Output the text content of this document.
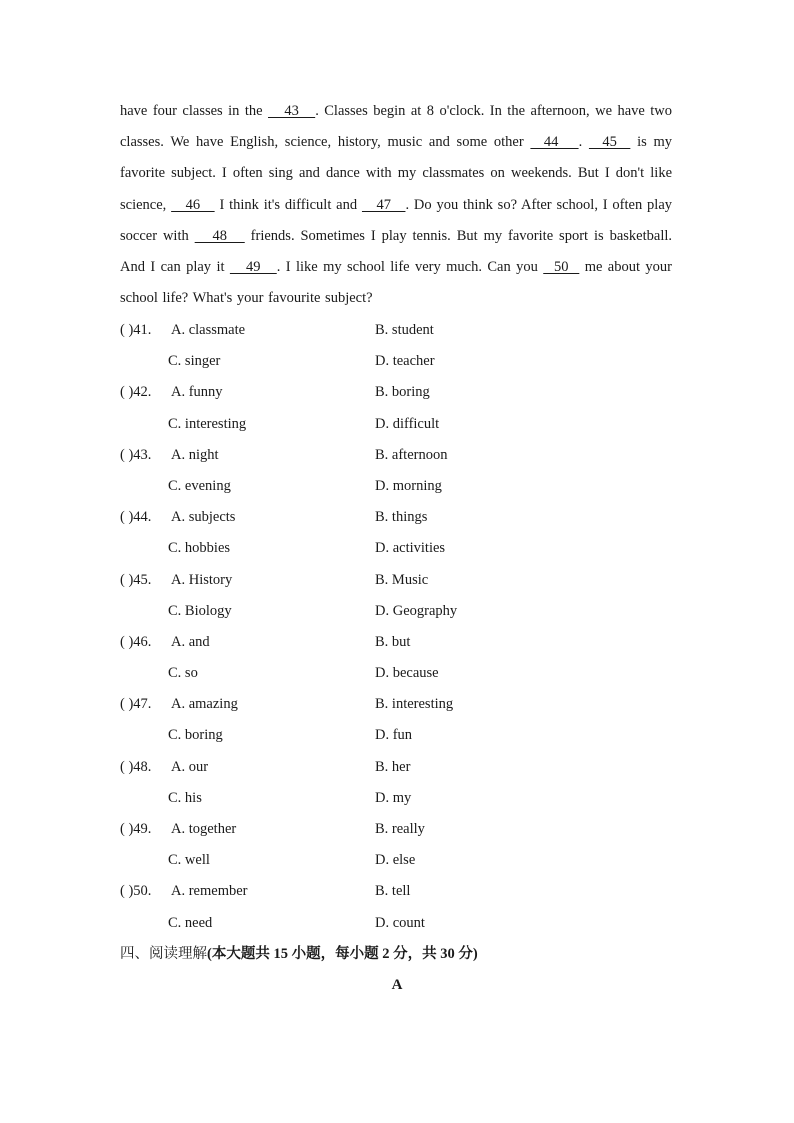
have four classes in the    43   . Classes begin at 8 o'clock. In the afternoon, we have two classes. We have English, science, history, music and some other   44   .   45   is my favorite subject. I often sing and dance with my classmates on weekends. But I don't like science,    46    I think it's difficult and    47   . Do you think so? After school, I often play soccer with    48    friends. Sometimes I play tennis. But my favorite sport is basketball. And I can play it    49   . I like my school life very much. Can you   50   me about your school life? What's your favourite subject?

( )41. A. classmate	B. student
C. singer	D. teacher
( )42. A. funny	B. boring
C. interesting	D. difficult
( )43. A. night	B. afternoon
C. evening	D. morning
( )44. A. subjects	B. things
C. hobbies	D. activities
( )45. A. History	B. Music
C. Biology	D. Geography
( )46. A. and	B. but
C. so	D. because
( )47. A. amazing	B. interesting
C. boring	D. fun
( )48. A. our	B. her
C. his	D. my
( )49. A. together	B. really
C. well	D. else
( )50. A. remember	B. tell
C. need	D. count
四、阅读理解(本大题共 15 小题，每小题 2 分，共 30 分)
A
